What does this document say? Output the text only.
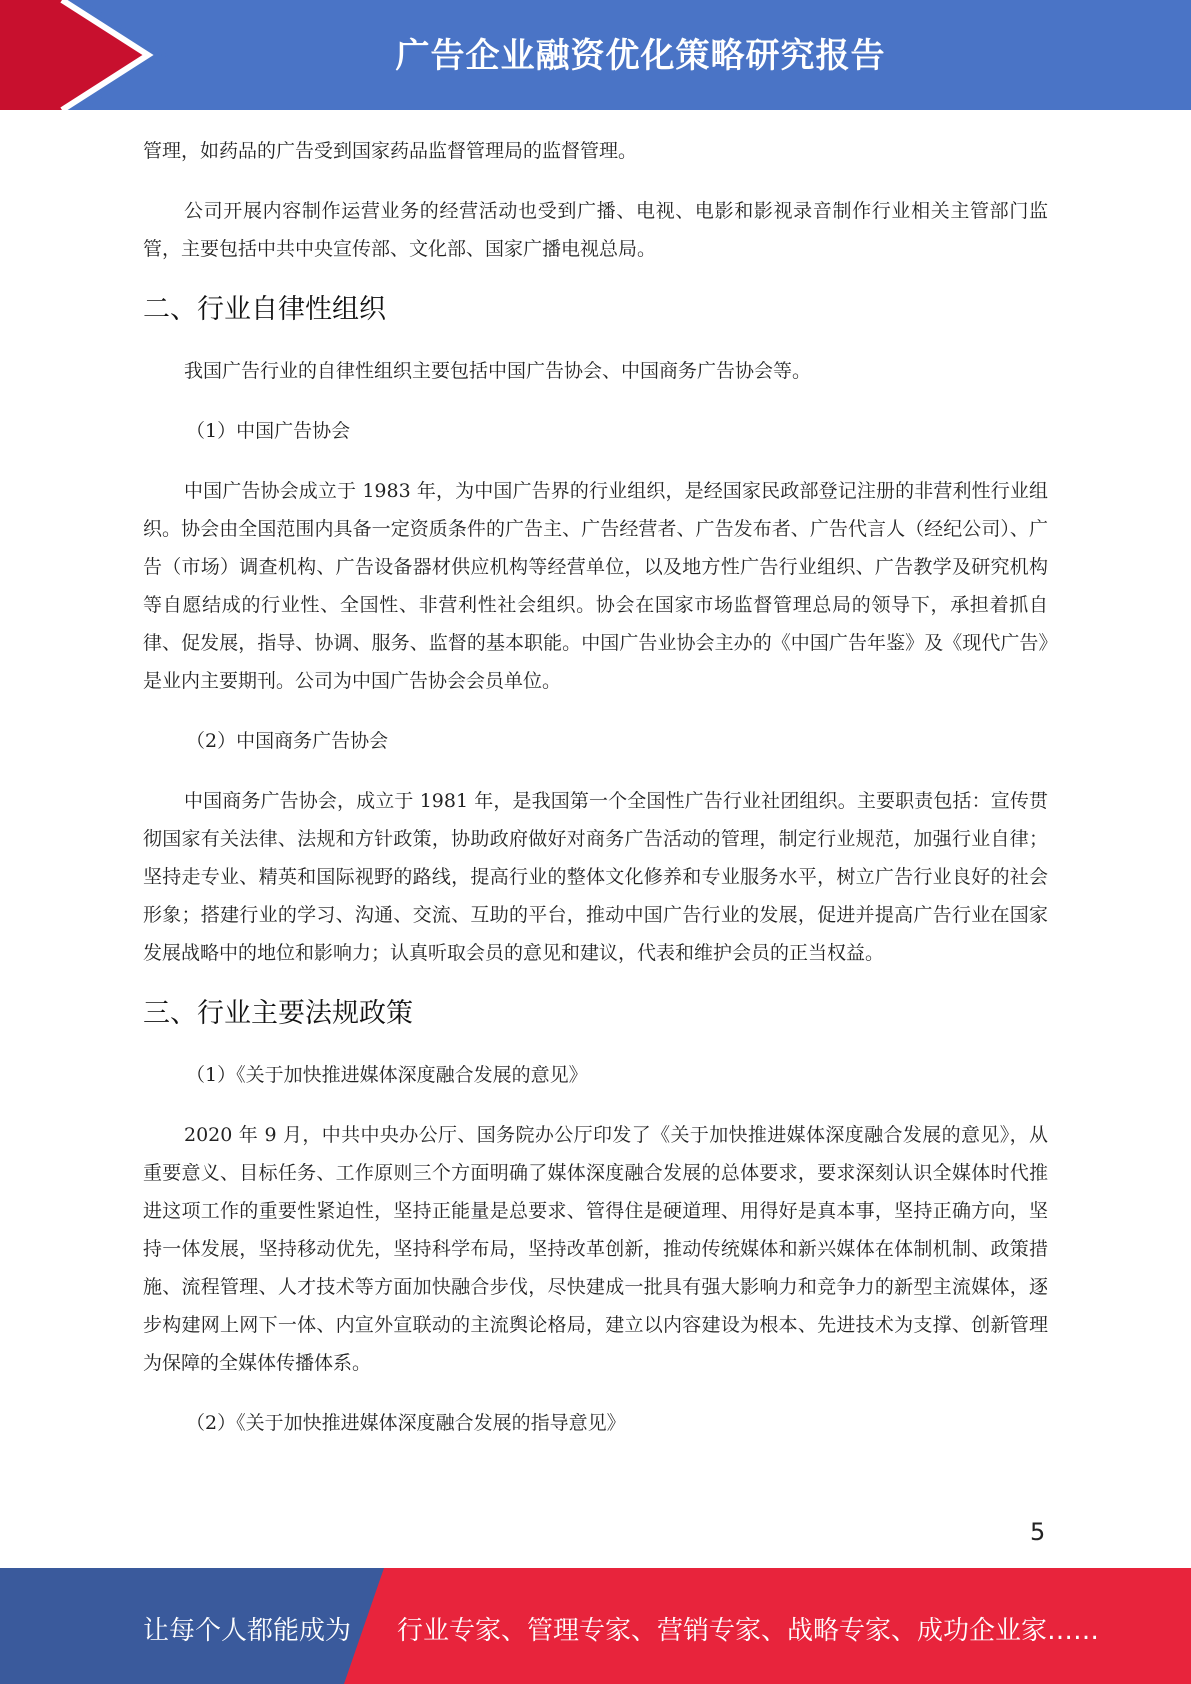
广告企业融资优化策略研究报告

管理，如药品的广告受到国家药品监督管理局的监督管理。

公司开展内容制作运营业务的经营活动也受到广播、电视、电影和影视录音制作行业相关主管部门监管，主要包括中共中央宣传部、文化部、国家广播电视总局。

二、行业自律性组织

我国广告行业的自律性组织主要包括中国广告协会、中国商务广告协会等。

（1）中国广告协会

中国广告协会成立于 1983 年，为中国广告界的行业组织，是经国家民政部登记注册的非营利性行业组织。协会由全国范围内具备一定资质条件的广告主、广告经营者、广告发布者、广告代言人（经纪公司）、广告（市场）调查机构、广告设备器材供应机构等经营单位，以及地方性广告行业组织、广告教学及研究机构等自愿结成的行业性、全国性、非营利性社会组织。协会在国家市场监督管理总局的领导下，承担着抓自律、促发展，指导、协调、服务、监督的基本职能。中国广告业协会主办的《中国广告年鉴》及《现代广告》是业内主要期刊。公司为中国广告协会会员单位。

（2）中国商务广告协会

中国商务广告协会，成立于 1981 年，是我国第一个全国性广告行业社团组织。主要职责包括：宣传贯彻国家有关法律、法规和方针政策，协助政府做好对商务广告活动的管理，制定行业规范，加强行业自律；坚持走专业、精英和国际视野的路线，提高行业的整体文化修养和专业服务水平，树立广告行业良好的社会形象；搭建行业的学习、沟通、交流、互助的平台，推动中国广告行业的发展，促进并提高广告行业在国家发展战略中的地位和影响力；认真听取会员的意见和建议，代表和维护会员的正当权益。

三、行业主要法规政策
（1）《关于加快推进媒体深度融合发展的意见》

2020 年 9 月，中共中央办公厅、国务院办公厅印发了《关于加快推进媒体深度融合发展的意见》，从重要意义、目标任务、工作原则三个方面明确了媒体深度融合发展的总体要求，要求深刻认识全媒体时代推进这项工作的重要性紧迫性，坚持正能量是总要求、管得住是硬道理、用得好是真本事，坚持正确方向，坚持一体发展，坚持移动优先，坚持科学布局，坚持改革创新，推动传统媒体和新兴媒体在体制机制、政策措施、流程管理、人才技术等方面加快融合步伐，尽快建成一批具有强大影响力和竞争力的新型主流媒体，逐步构建网上网下一体、内宣外宣联动的主流舆论格局，建立以内容建设为根本、先进技术为支撑、创新管理为保障的全媒体传播体系。

（2）《关于加快推进媒体深度融合发展的指导意见》
5
让每个人都能成为 行业专家、管理专家、营销专家、战略专家、成功企业家……
